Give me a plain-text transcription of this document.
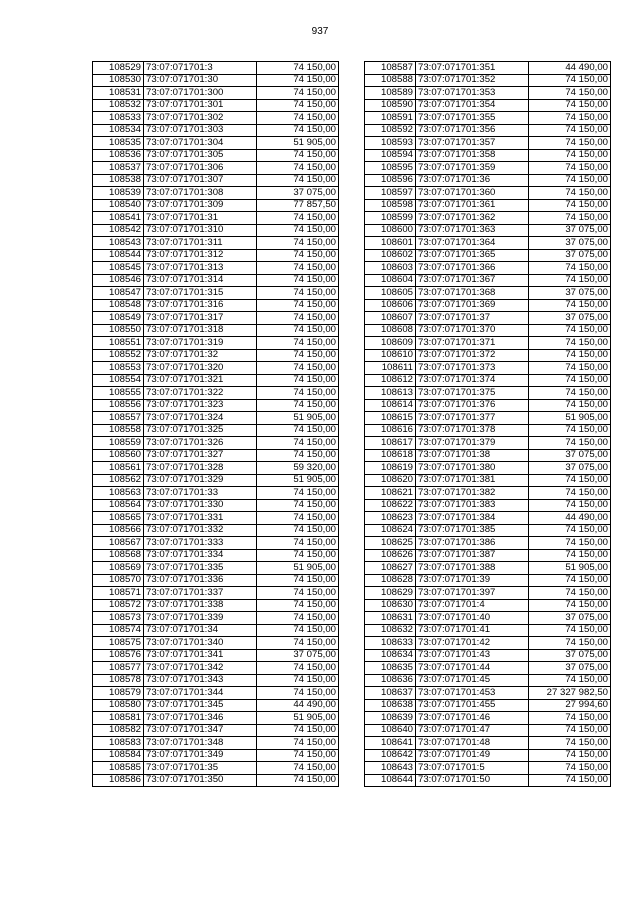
937
108529	73:07:071701:3	74 150,00
108530	73:07:071701:30	74 150,00
108531	73:07:071701:300	74 150,00
108532	73:07:071701:301	74 150,00
108533	73:07:071701:302	74 150,00
108534	73:07:071701:303	74 150,00
108535	73:07:071701:304	51 905,00
108536	73:07:071701:305	74 150,00
108537	73:07:071701:306	74 150,00
108538	73:07:071701:307	74 150,00
108539	73:07:071701:308	37 075,00
108540	73:07:071701:309	77 857,50
108541	73:07:071701:31	74 150,00
108542	73:07:071701:310	74 150,00
108543	73:07:071701:311	74 150,00
108544	73:07:071701:312	74 150,00
108545	73:07:071701:313	74 150,00
108546	73:07:071701:314	74 150,00
108547	73:07:071701:315	74 150,00
108548	73:07:071701:316	74 150,00
108549	73:07:071701:317	74 150,00
108550	73:07:071701:318	74 150,00
108551	73:07:071701:319	74 150,00
108552	73:07:071701:32	74 150,00
108553	73:07:071701:320	74 150,00
108554	73:07:071701:321	74 150,00
108555	73:07:071701:322	74 150,00
108556	73:07:071701:323	74 150,00
108557	73:07:071701:324	51 905,00
108558	73:07:071701:325	74 150,00
108559	73:07:071701:326	74 150,00
108560	73:07:071701:327	74 150,00
108561	73:07:071701:328	59 320,00
108562	73:07:071701:329	51 905,00
108563	73:07:071701:33	74 150,00
108564	73:07:071701:330	74 150,00
108565	73:07:071701:331	74 150,00
108566	73:07:071701:332	74 150,00
108567	73:07:071701:333	74 150,00
108568	73:07:071701:334	74 150,00
108569	73:07:071701:335	51 905,00
108570	73:07:071701:336	74 150,00
108571	73:07:071701:337	74 150,00
108572	73:07:071701:338	74 150,00
108573	73:07:071701:339	74 150,00
108574	73:07:071701:34	74 150,00
108575	73:07:071701:340	74 150,00
108576	73:07:071701:341	37 075,00
108577	73:07:071701:342	74 150,00
108578	73:07:071701:343	74 150,00
108579	73:07:071701:344	74 150,00
108580	73:07:071701:345	44 490,00
108581	73:07:071701:346	51 905,00
108582	73:07:071701:347	74 150,00
108583	73:07:071701:348	74 150,00
108584	73:07:071701:349	74 150,00
108585	73:07:071701:35	74 150,00
108586	73:07:071701:350	74 150,00
108587	73:07:071701:351	44 490,00
108588	73:07:071701:352	74 150,00
108589	73:07:071701:353	74 150,00
108590	73:07:071701:354	74 150,00
108591	73:07:071701:355	74 150,00
108592	73:07:071701:356	74 150,00
108593	73:07:071701:357	74 150,00
108594	73:07:071701:358	74 150,00
108595	73:07:071701:359	74 150,00
108596	73:07:071701:36	74 150,00
108597	73:07:071701:360	74 150,00
108598	73:07:071701:361	74 150,00
108599	73:07:071701:362	74 150,00
108600	73:07:071701:363	37 075,00
108601	73:07:071701:364	37 075,00
108602	73:07:071701:365	37 075,00
108603	73:07:071701:366	74 150,00
108604	73:07:071701:367	74 150,00
108605	73:07:071701:368	37 075,00
108606	73:07:071701:369	74 150,00
108607	73:07:071701:37	37 075,00
108608	73:07:071701:370	74 150,00
108609	73:07:071701:371	74 150,00
108610	73:07:071701:372	74 150,00
108611	73:07:071701:373	74 150,00
108612	73:07:071701:374	74 150,00
108613	73:07:071701:375	74 150,00
108614	73:07:071701:376	74 150,00
108615	73:07:071701:377	51 905,00
108616	73:07:071701:378	74 150,00
108617	73:07:071701:379	74 150,00
108618	73:07:071701:38	37 075,00
108619	73:07:071701:380	37 075,00
108620	73:07:071701:381	74 150,00
108621	73:07:071701:382	74 150,00
108622	73:07:071701:383	74 150,00
108623	73:07:071701:384	44 490,00
108624	73:07:071701:385	74 150,00
108625	73:07:071701:386	74 150,00
108626	73:07:071701:387	74 150,00
108627	73:07:071701:388	51 905,00
108628	73:07:071701:39	74 150,00
108629	73:07:071701:397	74 150,00
108630	73:07:071701:4	74 150,00
108631	73:07:071701:40	37 075,00
108632	73:07:071701:41	74 150,00
108633	73:07:071701:42	74 150,00
108634	73:07:071701:43	37 075,00
108635	73:07:071701:44	37 075,00
108636	73:07:071701:45	74 150,00
108637	73:07:071701:453	27 327 982,50
108638	73:07:071701:455	27 994,60
108639	73:07:071701:46	74 150,00
108640	73:07:071701:47	74 150,00
108641	73:07:071701:48	74 150,00
108642	73:07:071701:49	74 150,00
108643	73:07:071701:5	74 150,00
108644	73:07:071701:50	74 150,00
